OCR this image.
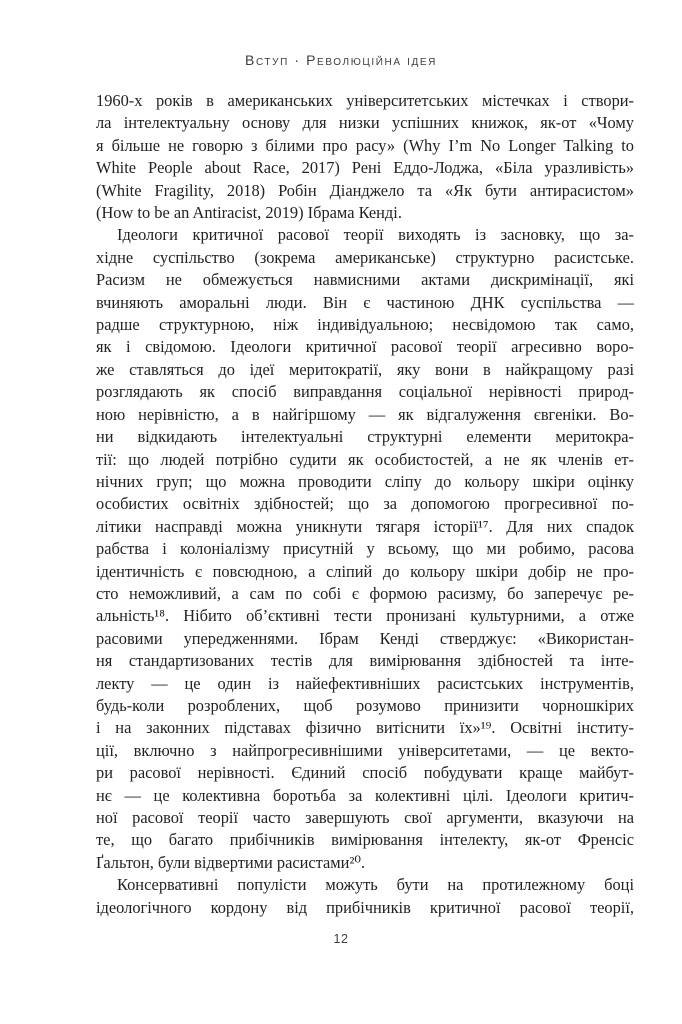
Вступ · Революційна ідея
1960-х років в американських університетських містечках і створи-
ла інтелектуальну основу для низки успішних книжок, як-от «Чому
я більше не говорю з білими про расу» (Why I’m No Longer Talking to
White People about Race, 2017) Рені Еддо-Лоджа, «Біла уразливість»
(White Fragility, 2018) Робін Діанджело та «Як бути антирасистом»
(How to be an Antiracist, 2019) Ібрама Кенді.
Ідеологи критичної расової теорії виходять із засновку, що за-
хідне суспільство (зокрема американське) структурно расистське.
Расизм не обмежується навмисними актами дискримінації, які
вчиняють аморальні люди. Він є частиною ДНК суспільства —
радше структурною, ніж індивідуальною; несвідомою так само,
як і свідомою. Ідеологи критичної расової теорії агресивно воро-
же ставляться до ідеї меритократії, яку вони в найкращому разі
розглядають як спосіб виправдання соціальної нерівності природ-
ною нерівністю, а в найгіршому — як відгалуження євгеніки. Во-
ни відкидають інтелектуальні структурні елементи меритокра-
тії: що людей потрібно судити як особистостей, а не як членів ет-
нічних груп; що можна проводити сліпу до кольору шкіри оцінку
особистих освітніх здібностей; що за допомогою прогресивної по-
літики насправді можна уникнути тягаря історії¹⁷. Для них спадок
рабства і колоніалізму присутній у всьому, що ми робимо, расова
ідентичність є повсюдною, а сліпий до кольору шкіри добір не про-
сто неможливий, а сам по собі є формою расизму, бо заперечує ре-
альність¹⁸. Нібито об’єктивні тести пронизані культурними, а отже
расовими упередженнями. Ібрам Кенді стверджує: «Використан-
ня стандартизованих тестів для вимірювання здібностей та інте-
лекту — це один із найефективніших расистських інструментів,
будь-коли розроблених, щоб розумово принизити чорношкірих
і на законних підставах фізично витіснити їх»¹⁹. Освітні інститу-
ції, включно з найпрогресивнішими університетами, — це векто-
ри расової нерівності. Єдиний спосіб побудувати краще майбут-
нє — це колективна боротьба за колективні цілі. Ідеологи критич-
ної расової теорії часто завершують свої аргументи, вказуючи на
те, що багато прибічників вимірювання інтелекту, як-от Френсіс
Ґальтон, були відвертими расистами²⁰.
Консервативні популісти можуть бути на протилежному боці
ідеологічного кордону від прибічників критичної расової теорії,
12
